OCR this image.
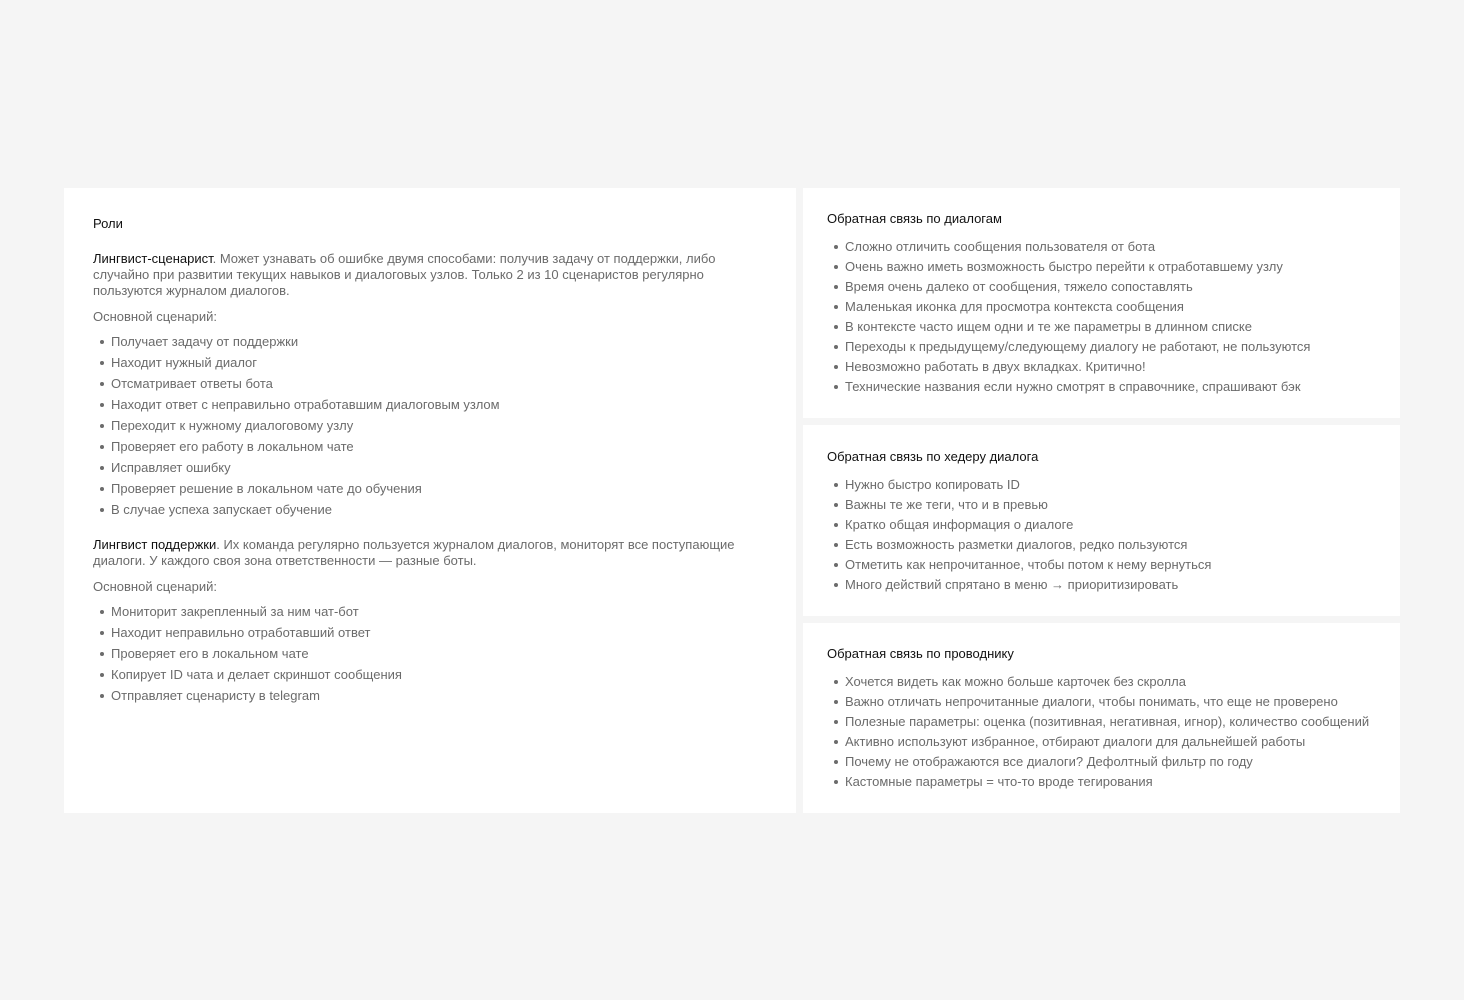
Роли

Лингвист-сценарист. Может узнавать об ошибке двумя способами: получив задачу от поддержки, либо случайно при развитии текущих навыков и диалоговых узлов. Только 2 из 10 сценаристов регулярно пользуются журналом диалогов.

Основной сценарий:

Получает задачу от поддержки
Находит нужный диалог
Отсматривает ответы бота
Находит ответ с неправильно отработавшим диалоговым узлом
Переходит к нужному диалоговому узлу
Проверяет его работу в локальном чате
Исправляет ошибку
Проверяет решение в локальном чате до обучения
В случае успеха запускает обучение

Лингвист поддержки. Их команда регулярно пользуется журналом диалогов, мониторят все поступающие диалоги. У каждого своя зона ответственности — разные боты.

Основной сценарий:

Мониторит закрепленный за ним чат-бот
Находит неправильно отработавший ответ
Проверяет его в локальном чате
Копирует ID чата и делает скриншот сообщения
Отправляет сценаристу в telegram
Обратная связь по диалогам
Сложно отличить сообщения пользователя от бота
Очень важно иметь возможность быстро перейти к отработавшему узлу
Время очень далеко от сообщения, тяжело сопоставлять
Маленькая иконка для просмотра контекста сообщения
В контексте часто ищем одни и те же параметры в длинном списке
Переходы к предыдущему/следующему диалогу не работают, не пользуются
Невозможно работать в двух вкладках. Критично!
Технические названия если нужно смотрят в справочнике, спрашивают бэк
Обратная связь по хедеру диалога
Нужно быстро копировать ID
Важны те же теги, что и в превью
Кратко общая информация о диалоге
Есть возможность разметки диалогов, редко пользуются
Отметить как непрочитанное, чтобы потом к нему вернуться
Много действий спрятано в меню → приоритизировать
Обратная связь по проводнику
Хочется видеть как можно больше карточек без скролла
Важно отличать непрочитанные диалоги, чтобы понимать, что еще не проверено
Полезные параметры: оценка (позитивная, негативная, игнор), количество сообщений
Активно используют избранное, отбирают диалоги для дальнейшей работы
Почему не отображаются все диалоги? Дефолтный фильтр по году
Кастомные параметры = что-то вроде тегирования
